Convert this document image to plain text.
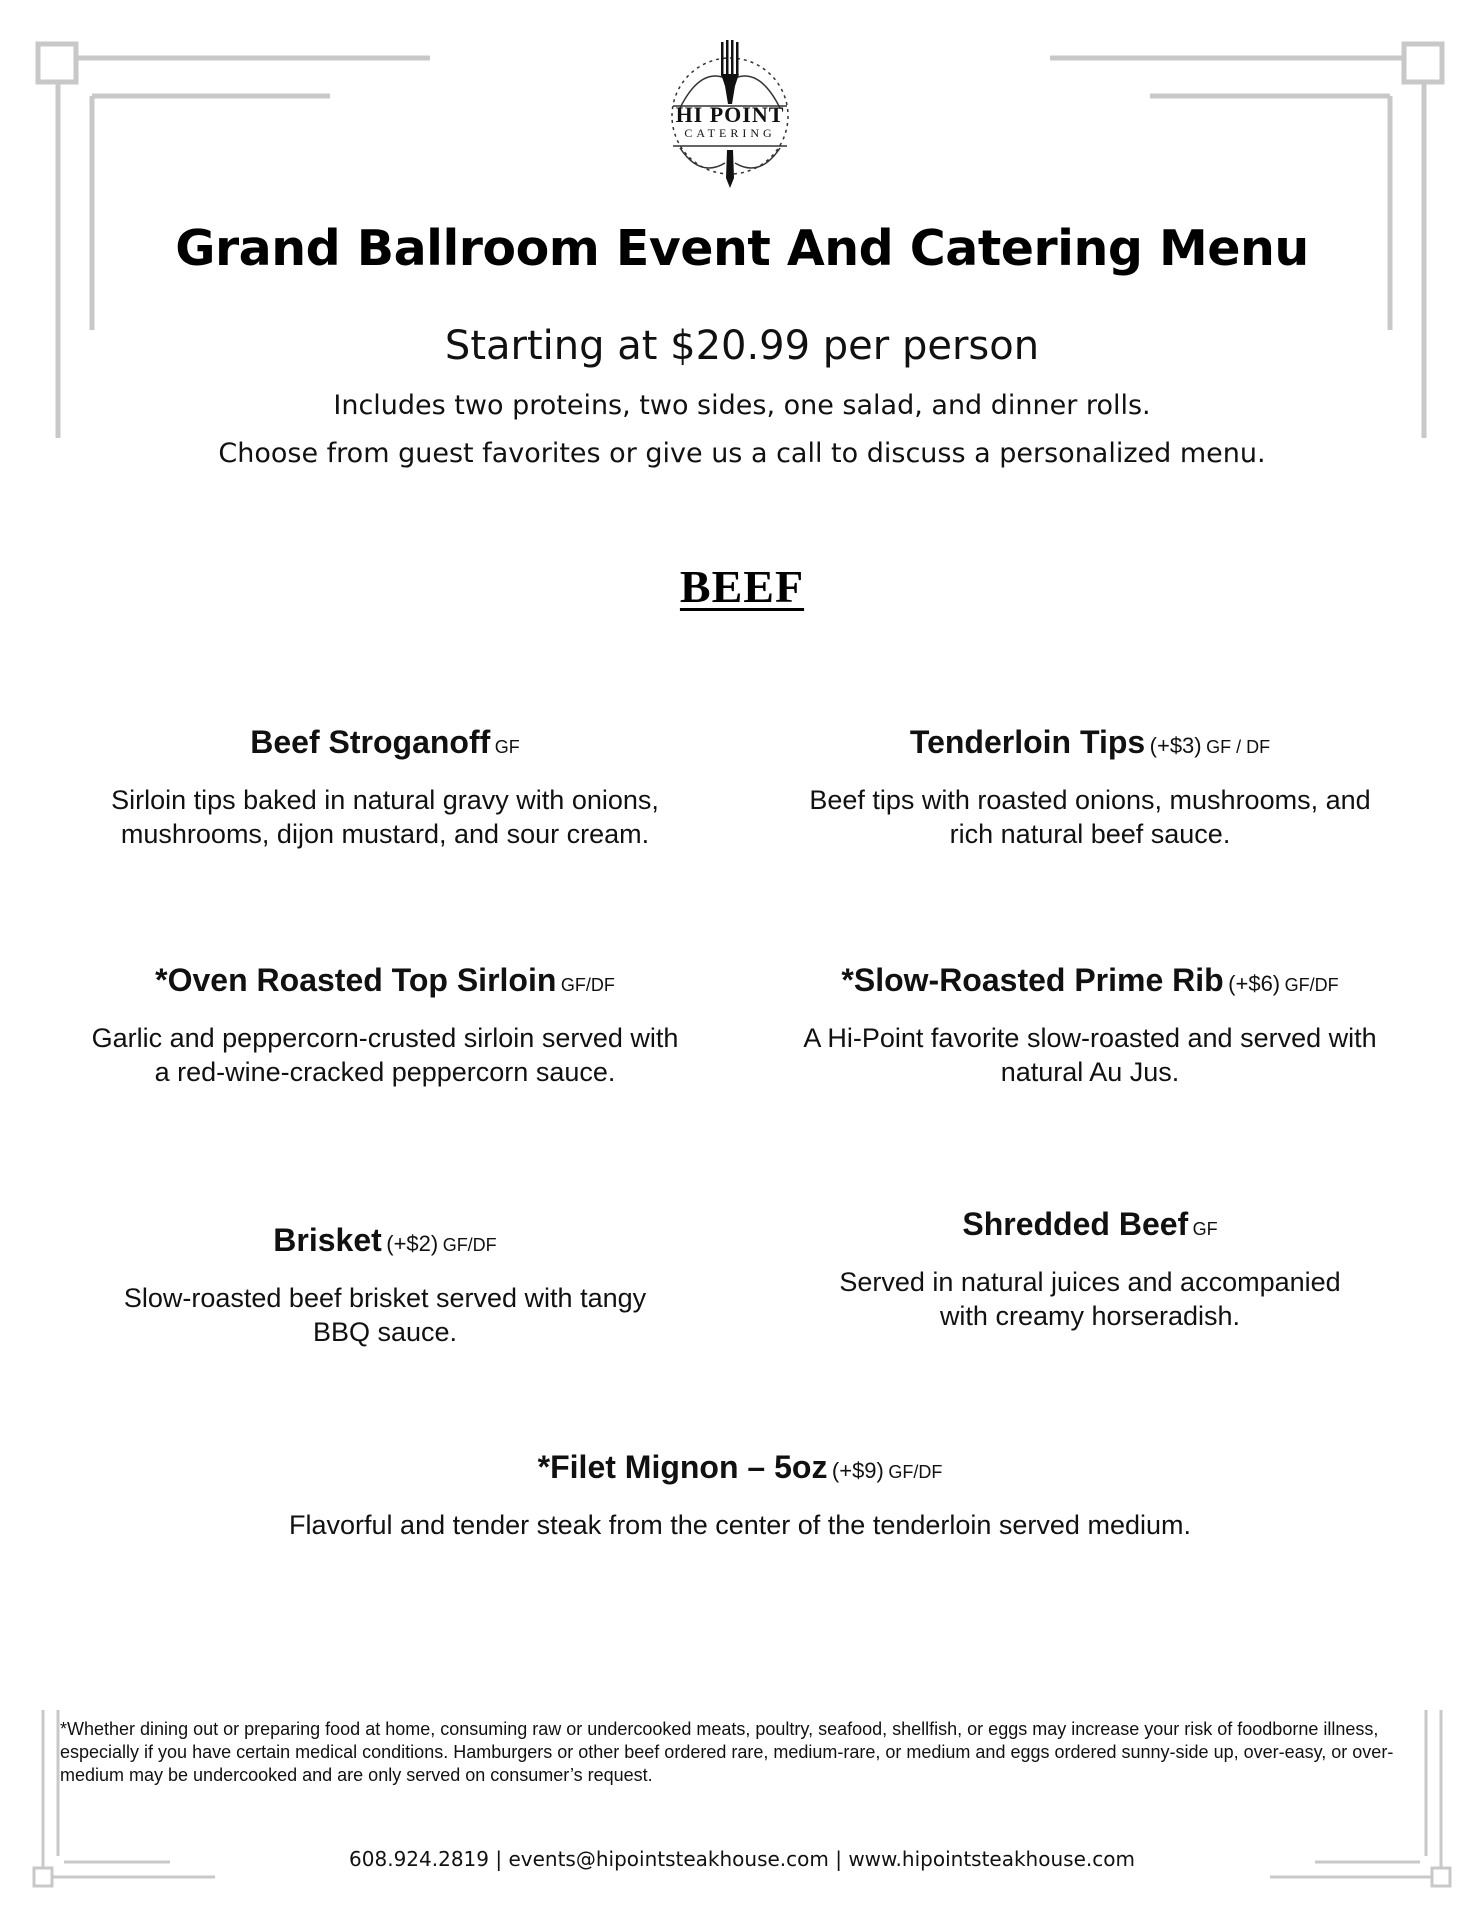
HI POINT
CATERING
Grand Ballroom Event And Catering Menu
Starting at $20.99 per person
Includes two proteins, two sides, one salad, and dinner rolls.
Choose from guest favorites or give us a call to discuss a personalized menu.
BEEF
Beef Stroganoff GF
Sirloin tips baked in natural gravy with onions,
mushrooms, dijon mustard, and sour cream.
Tenderloin Tips (+$3) GF / DF
Beef tips with roasted onions, mushrooms, and
rich natural beef sauce.
*Oven Roasted Top Sirloin GF/DF
Garlic and peppercorn-crusted sirloin served with
a red-wine-cracked peppercorn sauce.
*Slow-Roasted Prime Rib (+$6) GF/DF
A Hi-Point favorite slow-roasted and served with
natural Au Jus.
Brisket (+$2) GF/DF
Slow-roasted beef brisket served with tangy
BBQ sauce.
Shredded Beef GF
Served in natural juices and accompanied
with creamy horseradish.
*Filet Mignon – 5oz (+$9) GF/DF
Flavorful and tender steak from the center of the tenderloin served medium.
*Whether dining out or preparing food at home, consuming raw or undercooked meats, poultry, seafood, shellfish, or eggs may increase your risk of foodborne illness, especially if you have certain medical conditions. Hamburgers or other beef ordered rare, medium-rare, or medium and eggs ordered sunny-side up, over-easy, or over-medium may be undercooked and are only served on consumer’s request.
608.924.2819 | events@hipointsteakhouse.com | www.hipointsteakhouse.com
